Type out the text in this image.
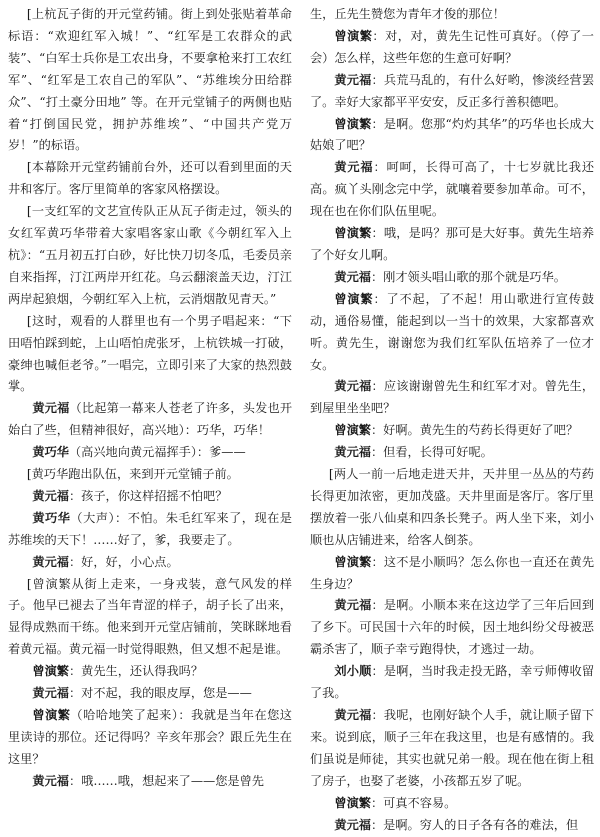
[上杭瓦子街的开元堂药铺。街上到处张贴着革命标语：“欢迎红军入城！”、“红军是工农群众的武装”、“白军士兵你是工农出身，不要拿枪来打工农红军”、“红军是工农自己的军队”、“苏维埃分田给群众”、“打土豪分田地” 等。在开元堂铺子的两侧也贴着“打倒国民党，拥护苏维埃”、“中国共产党万岁！”的标语。

[本幕除开元堂药铺前台外，还可以看到里面的天井和客厅。客厅里简单的客家风格摆设。

[一支红军的文艺宣传队正从瓦子街走过，领头的女红军黄巧华带着大家唱客家山歌《今朝红军入上杭》：“五月初五打白砂，好比快刀切冬瓜，毛委员亲自来指挥，汀江两岸开红花。乌云翻滚盖天边，汀江两岸起狼烟，今朝红军入上杭，云消烟散见青天。”

[这时，观看的人群里也有一个男子唱起来：“下田唔怕踩到蛇，上山唔怕虎张牙，上杭铁城一打破，豪绅也喊佢老爷。”一唱完，立即引来了大家的热烈鼓掌。

黄元福（比起第一幕来人苍老了许多，头发也开始白了些，但精神很好，高兴地）：巧华，巧华！

黄巧华（高兴地向黄元福挥手）：爹——

[黄巧华跑出队伍，来到开元堂铺子前。

黄元福：孩子，你这样招摇不怕吧？

黄巧华（大声）：不怕。朱毛红军来了，现在是苏维埃的天下！……好了，爹，我要走了。

黄元福：好，好，小心点。

[曾演繁从街上走来，一身戎装，意气风发的样子。他早已褪去了当年青涩的样子，胡子长了出来，显得成熟而干练。他来到开元堂店铺前，笑眯眯地看着黄元福。黄元福一时觉得眼熟，但又想不起是谁。

曾演繁：黄先生，还认得我吗？

黄元福：对不起，我的眼皮厚，您是——

曾演繁（哈哈地笑了起来）：我就是当年在您这里读诗的那位。还记得吗？辛亥年那会？跟丘先生在这里？

黄元福：哦……哦，想起来了——您是曾先

生，丘先生赞您为青年才俊的那位！

曾演繁：对，对，黄先生记性可真好。（停了一会）怎么样，这些年您的生意可好啊？

黄元福：兵荒马乱的，有什么好哟，惨淡经营罢了。幸好大家都平平安安，反正多行善积德吧。

曾演繁：是啊。您那“灼灼其华”的巧华也长成大姑娘了吧？

黄元福：呵呵，长得可高了，十七岁就比我还高。疯丫头刚念完中学，就嚷着要参加革命。可不，现在也在你们队伍里呢。

曾演繁：哦，是吗？那可是大好事。黄先生培养了个好女儿啊。

黄元福：刚才领头唱山歌的那个就是巧华。

曾演繁：了不起，了不起！用山歌进行宣传鼓动，通俗易懂，能起到以一当十的效果，大家都喜欢听。黄先生，谢谢您为我们红军队伍培养了一位才女。

黄元福：应该谢谢曾先生和红军才对。曾先生，到屋里坐坐吧？

曾演繁：好啊。黄先生的芍药长得更好了吧？

黄元福：但看，长得可好呢。

[两人一前一后地走进天井，天井里一丛丛的芍药长得更加浓密，更加茂盛。天井里面是客厅。客厅里摆放着一张八仙桌和四条长凳子。两人坐下来，刘小顺也从店铺进来，给客人倒茶。

曾演繁：这不是小顺吗？怎么你也一直还在黄先生身边？

黄元福：是啊。小顺本来在这边学了三年后回到了乡下。可民国十六年的时候，因土地纠纷父母被恶霸杀害了，顺子幸亏跑得快，才逃过一劫。

刘小顺：是啊，当时我走投无路，幸亏师傅收留了我。

黄元福：我呢，也刚好缺个人手，就让顺子留下来。说到底，顺子三年在我这里，也是有感情的。我们虽说是师徒，其实也就兄弟一般。现在他在街上租了房子，也娶了老婆，小孩都五岁了呢。

曾演繁：可真不容易。

黄元福：是啊。穷人的日子各有各的难法，但
